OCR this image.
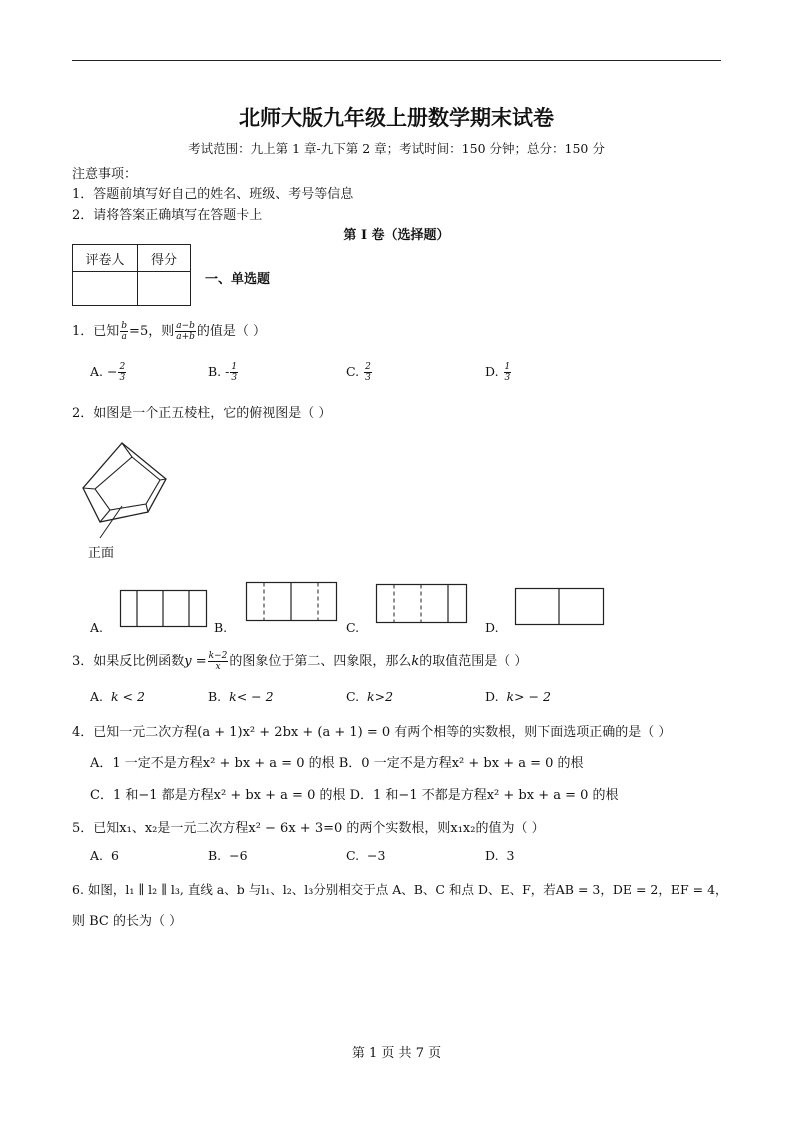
北师大版九年级上册数学期末试卷
考试范围：九上第 1 章-九下第 2 章；考试时间：150 分钟；总分：150 分
注意事项：
1．答题前填写好自己的姓名、班级、考号等信息
2．请将答案正确填写在答题卡上
第 I 卷（选择题）
评卷人	得分

一、单选题
1．已知 $\frac{b}{a} =5$，则 $\frac{a-b}{a+b}$ 的值是（ ）
A. − $\frac{2}{3}$	B. - $\frac{1}{3}$	C. $\frac{2}{3}$	D. $\frac{1}{3}$
2．如图是一个正五棱柱，它的俯视图是（ ）
正面
A.	B.	C.	D.
3．如果反比例函数$y = \frac{k-2}{x}$ 的图象位于第二、四象限，那么k的取值范围是（ ）
A. k < 2	B. k< − 2	C. k>2	D. k> − 2
4．已知一元二次方程(a + 1)x² + 2bx + (a + 1) = 0 有两个相等的实数根，则下面选项正确的是（ ）
A．1 一定不是方程x² + bx + a = 0 的根 B．0 一定不是方程x² + bx + a = 0 的根
C．1 和−1 都是方程x² + bx + a = 0 的根 D．1 和−1 不都是方程x² + bx + a = 0 的根
5．已知x₁、x₂是一元二次方程x² − 6x + 3=0 的两个实数根，则x₁x₂的值为（ ）
A. 6	B. −6	C. −3	D. 3
6. 如图，l₁ ∥ l₂ ∥ l₃, 直线 a、b 与l₁、l₂、l₃分别相交于点 A、B、C 和点 D、E、F，若AB = 3，DE = 2，EF = 4，
则 BC 的长为（ ）
第 1 页 共 7 页
